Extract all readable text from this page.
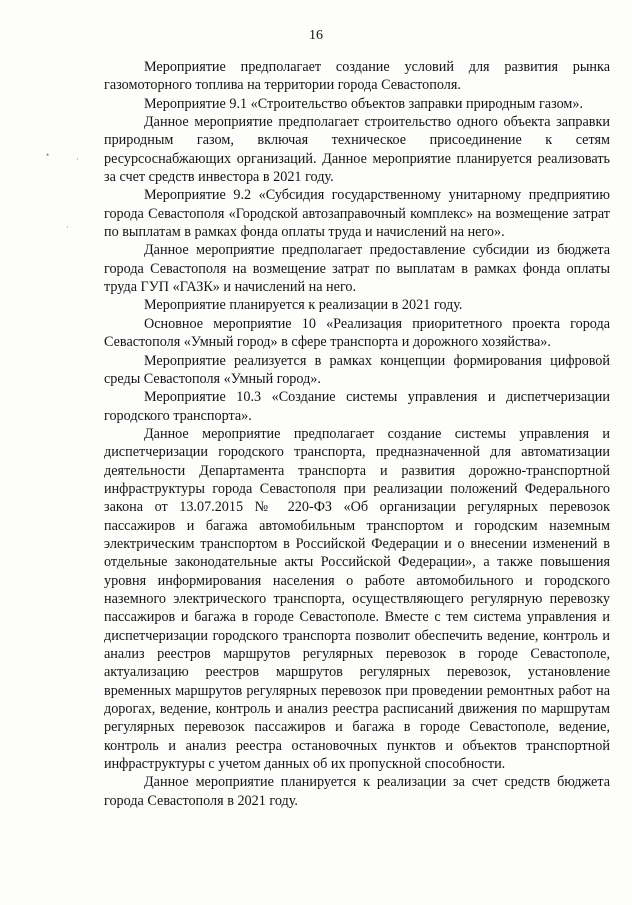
16
•	·
·

Мероприятие предполагает создание условий для развития рынка газомоторного топлива на территории города Севастополя.

Мероприятие 9.1 «Строительство объектов заправки природным газом».

Данное мероприятие предполагает строительство одного объекта заправки природным газом, включая техническое присоединение к сетям ресурсоснабжающих организаций. Данное мероприятие планируется реализовать за счет средств инвестора в 2021 году.

Мероприятие 9.2 «Субсидия государственному унитарному предприятию города Севастополя «Городской автозаправочный комплекс» на возмещение затрат по выплатам в рамках фонда оплаты труда и начислений на него».

Данное мероприятие предполагает предоставление субсидии из бюджета города Севастополя на возмещение затрат по выплатам в рамках фонда оплаты труда ГУП «ГАЗК» и начислений на него.

Мероприятие планируется к реализации в 2021 году.

Основное мероприятие 10 «Реализация приоритетного проекта города Севастополя «Умный город» в сфере транспорта и дорожного хозяйства».

Мероприятие реализуется в рамках концепции формирования цифровой среды Севастополя «Умный город».

Мероприятие 10.3 «Создание системы управления и диспетчеризации городского транспорта».

Данное мероприятие предполагает создание системы управления и диспетчеризации городского транспорта, предназначенной для автоматизации деятельности Департамента транспорта и развития дорожно-транспортной инфраструктуры города Севастополя при реализации положений Федерального закона от 13.07.2015 № 220-ФЗ «Об организации регулярных перевозок пассажиров и багажа автомобильным транспортом и городским наземным электрическим транспортом в Российской Федерации и о внесении изменений в отдельные законодательные акты Российской Федерации», а также повышения уровня информирования населения о работе автомобильного и городского наземного электрического транспорта, осуществляющего регулярную перевозку пассажиров и багажа в городе Севастополе. Вместе с тем система управления и диспетчеризации городского транспорта позволит обеспечить ведение, контроль и анализ реестров маршрутов регулярных перевозок в городе Севастополе, актуализацию реестров маршрутов регулярных перевозок, установление временных маршрутов регулярных перевозок при проведении ремонтных работ на дорогах, ведение, контроль и анализ реестра расписаний движения по маршрутам регулярных перевозок пассажиров и багажа в городе Севастополе, ведение, контроль и анализ реестра остановочных пунктов и объектов транспортной инфраструктуры с учетом данных об их пропускной способности.

Данное мероприятие планируется к реализации за счет средств бюджета города Севастополя в 2021 году.
